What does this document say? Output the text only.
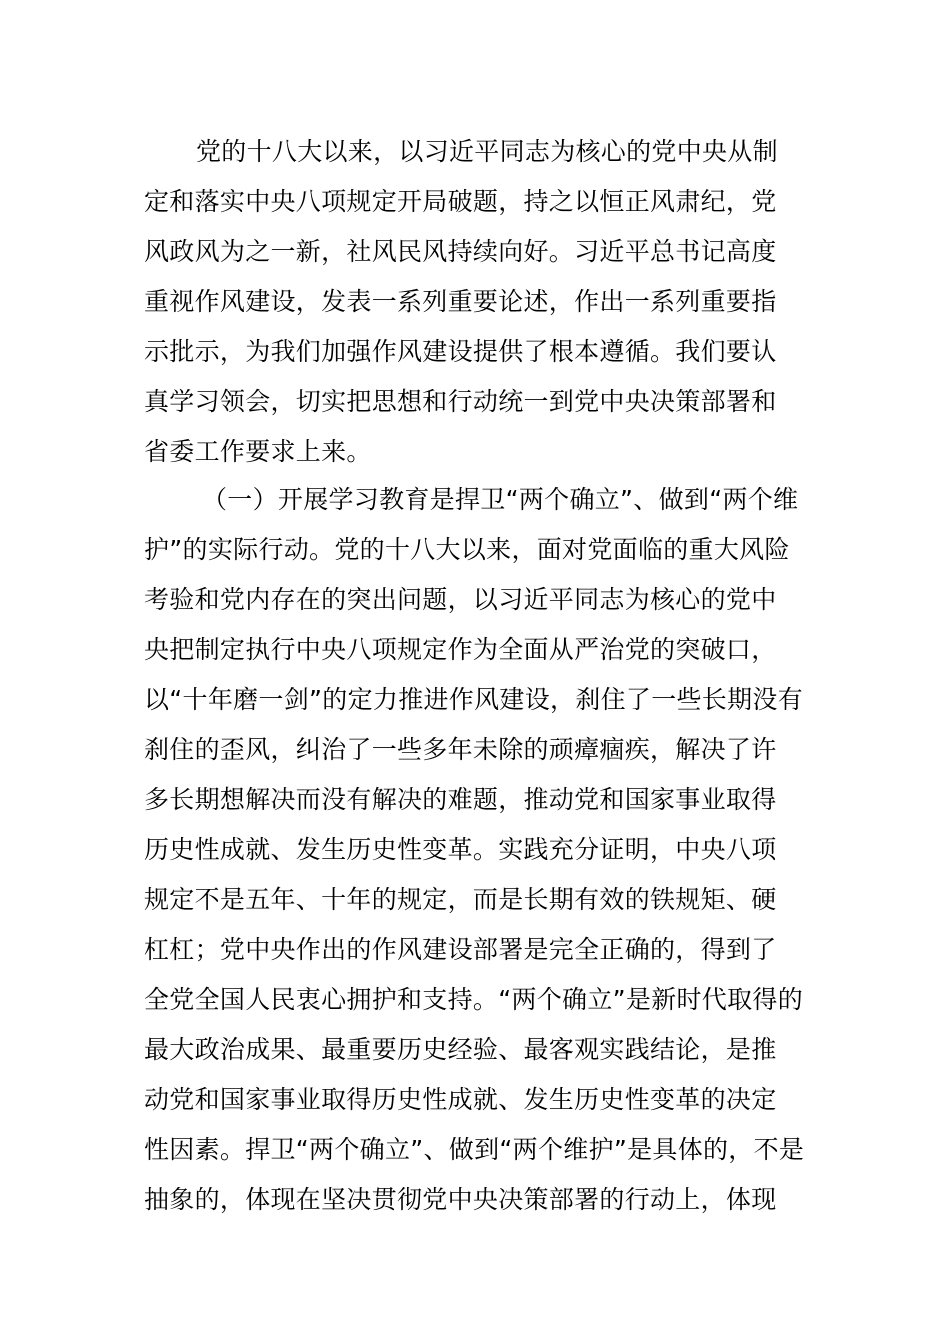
党的十八大以来，以习近平同志为核心的党中央从制
定和落实中央八项规定开局破题，持之以恒正风肃纪，党
风政风为之一新，社风民风持续向好。习近平总书记高度
重视作风建设，发表一系列重要论述，作出一系列重要指
示批示，为我们加强作风建设提供了根本遵循。我们要认
真学习领会，切实把思想和行动统一到党中央决策部署和
省委工作要求上来。
（一）开展学习教育是捍卫“两个确立”、做到“两个维
护”的实际行动。党的十八大以来，面对党面临的重大风险
考验和党内存在的突出问题，以习近平同志为核心的党中
央把制定执行中央八项规定作为全面从严治党的突破口，
以“十年磨一剑”的定力推进作风建设，刹住了一些长期没有
刹住的歪风，纠治了一些多年未除的顽瘴痼疾，解决了许
多长期想解决而没有解决的难题，推动党和国家事业取得
历史性成就、发生历史性变革。实践充分证明，中央八项
规定不是五年、十年的规定，而是长期有效的铁规矩、硬
杠杠；党中央作出的作风建设部署是完全正确的，得到了
全党全国人民衷心拥护和支持。“两个确立”是新时代取得的
最大政治成果、最重要历史经验、最客观实践结论，是推
动党和国家事业取得历史性成就、发生历史性变革的决定
性因素。捍卫“两个确立”、做到“两个维护”是具体的，不是
抽象的，体现在坚决贯彻党中央决策部署的行动上，体现
